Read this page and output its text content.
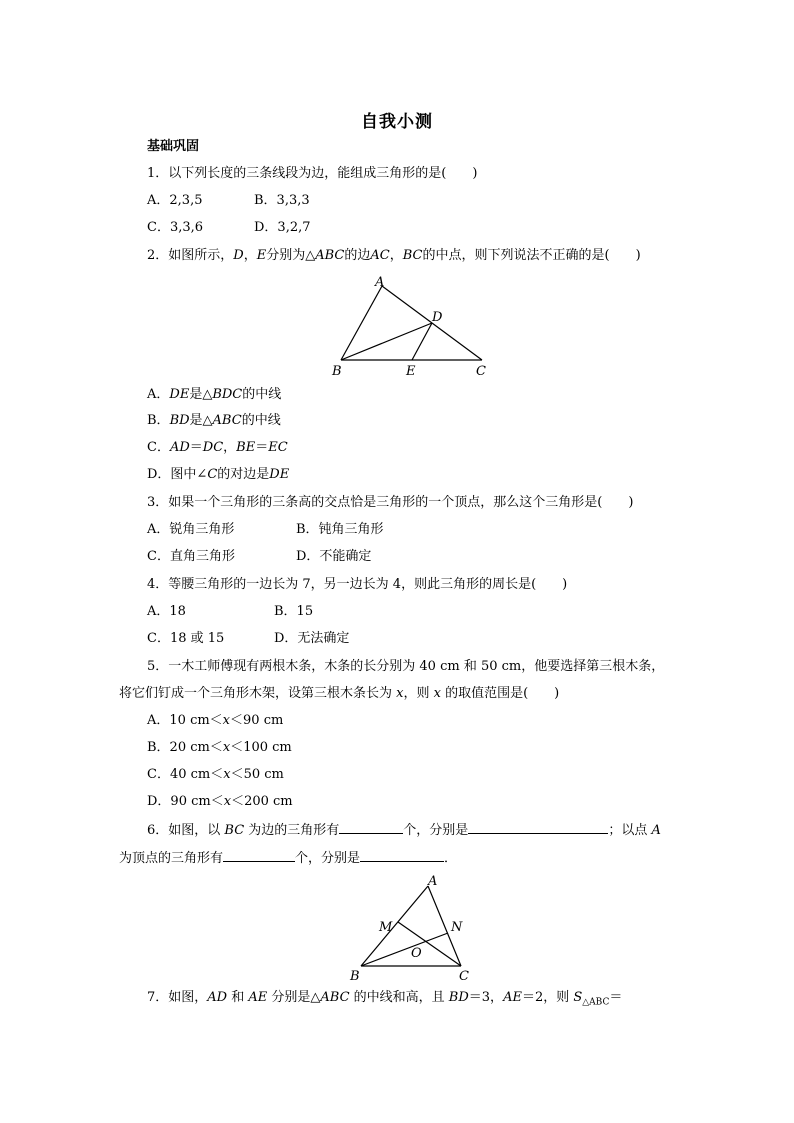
自我小测
基础巩固
1．以下列长度的三条线段为边，能组成三角形的是(　　)
A．2,3,5	B．3,3,3
C．3,3,6	D．3,2,7
2．如图所示，D，E分别为△ABC的边AC，BC的中点，则下列说法不正确的是(　　)
A
B	C
D
E
A．DE是△BDC的中线
B．BD是△ABC的中线
C．AD＝DC，BE＝EC
D．图中∠C的对边是DE
3．如果一个三角形的三条高的交点恰是三角形的一个顶点，那么这个三角形是(　　)
A．锐角三角形	B．钝角三角形
C．直角三角形	D．不能确定
4．等腰三角形的一边长为 7，另一边长为 4，则此三角形的周长是(　　)
A．18	B．15
C．18 或 15	D．无法确定
5．一木工师傅现有两根木条，木条的长分别为 40 cm 和 50 cm，他要选择第三根木条，
将它们钉成一个三角形木架，设第三根木条长为 x，则 x 的取值范围是(　　)
A．10 cm＜x＜90 cm
B．20 cm＜x＜100 cm
C．40 cm＜x＜50 cm
D．90 cm＜x＜200 cm
6．如图，以 BC 为边的三角形有	个，分别是	；以点 A
为顶点的三角形有	个，分别是	．
A
M	N
O
B	C
7．如图，AD 和 AE 分别是△ABC 的中线和高，且 BD＝3，AE＝2，则 $S_{\triangle ABC}=$
